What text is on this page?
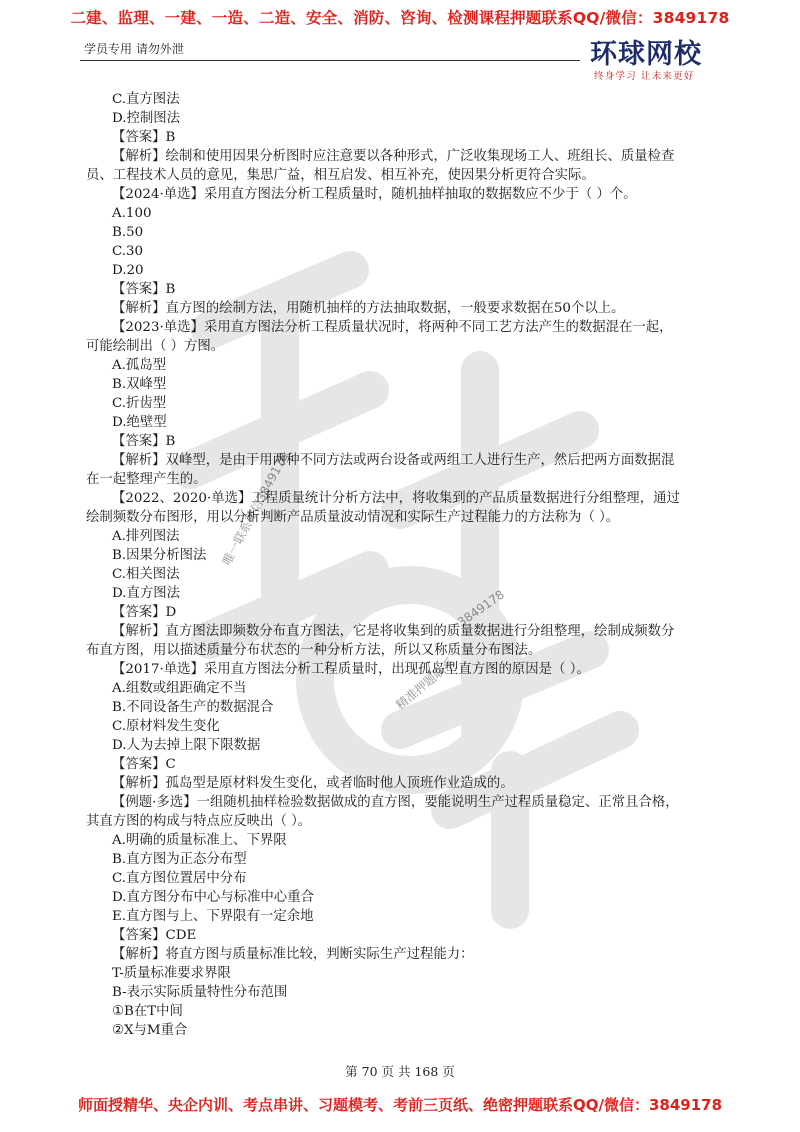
二建、监理、一建、一造、二造、安全、消防、咨询、检测课程押题联系QQ/微信：3849178
学员专用 请勿外泄	环球网校
终身学习 让未来更好
唯一联系微信3849178
3849178
精准押题联系
C.直方图法
D.控制图法
【答案】B
【解析】绘制和使用因果分析图时应注意要以各种形式，广泛收集现场工人、班组长、质量检查
员、工程技术人员的意见，集思广益，相互启发、相互补充，使因果分析更符合实际。
【2024·单选】采用直方图法分析工程质量时，随机抽样抽取的数据数应不少于（ ）个。
A.100
B.50
C.30
D.20
【答案】B
【解析】直方图的绘制方法，用随机抽样的方法抽取数据，一般要求数据在50个以上。
【2023·单选】采用直方图法分析工程质量状况时，将两种不同工艺方法产生的数据混在一起，
可能绘制出（ ）方图。
A.孤岛型
B.双峰型
C.折齿型
D.绝壁型
【答案】B
【解析】双峰型，是由于用两种不同方法或两台设备或两组工人进行生产，然后把两方面数据混
在一起整理产生的。
【2022、2020·单选】工程质量统计分析方法中，将收集到的产品质量数据进行分组整理，通过
绘制频数分布图形，用以分析判断产品质量波动情况和实际生产过程能力的方法称为（ ）。
A.排列图法
B.因果分析图法
C.相关图法
D.直方图法
【答案】D
【解析】直方图法即频数分布直方图法，它是将收集到的质量数据进行分组整理，绘制成频数分
布直方图，用以描述质量分布状态的一种分析方法，所以又称质量分布图法。
【2017·单选】采用直方图法分析工程质量时，出现孤岛型直方图的原因是（ ）。
A.组数或组距确定不当
B.不同设备生产的数据混合
C.原材料发生变化
D.人为去掉上限下限数据
【答案】C
【解析】孤岛型是原材料发生变化，或者临时他人顶班作业造成的。
【例题·多选】一组随机抽样检验数据做成的直方图，要能说明生产过程质量稳定、正常且合格，
其直方图的构成与特点应反映出（ ）。
A.明确的质量标准上、下界限
B.直方图为正态分布型
C.直方图位置居中分布
D.直方图分布中心与标准中心重合
E.直方图与上、下界限有一定余地
【答案】CDE
【解析】将直方图与质量标准比较，判断实际生产过程能力：
T-质量标准要求界限
B-表示实际质量特性分布范围
①B在T中间
②X与M重合
第 70 页 共 168 页
师面授精华、央企内训、考点串讲、习题模考、考前三页纸、绝密押题联系QQ/微信：3849178
